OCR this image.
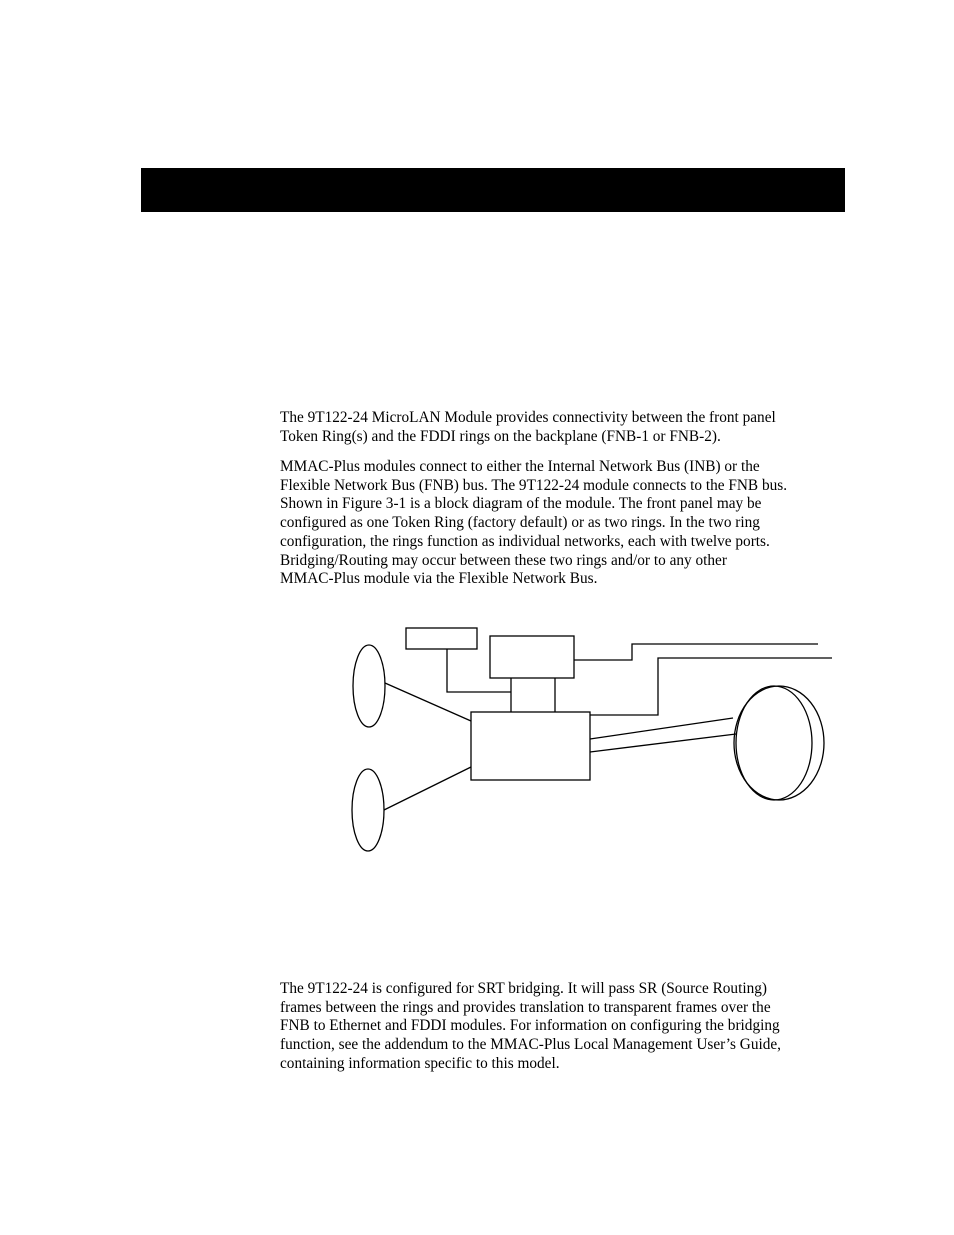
The 9T122-24 MicroLAN Module provides connectivity between the front panel
Token Ring(s) and the FDDI rings on the backplane (FNB-1 or FNB-2).

MMAC-Plus modules connect to either the Internal Network Bus (INB) or the
Flexible Network Bus (FNB) bus. The 9T122-24 module connects to the FNB bus.
Shown in Figure 3-1 is a block diagram of the module. The front panel may be
configured as one Token Ring (factory default) or as two rings. In the two ring
configuration, the rings function as individual networks, each with twelve ports.
Bridging/Routing may occur between these two rings and/or to any other
MMAC-Plus module via the Flexible Network Bus.

The 9T122-24 is configured for SRT bridging. It will pass SR (Source Routing)
frames between the rings and provides translation to transparent frames over the
FNB to Ethernet and FDDI modules. For information on configuring the bridging
function, see the addendum to the MMAC-Plus Local Management User’s Guide,
containing information specific to this model.
